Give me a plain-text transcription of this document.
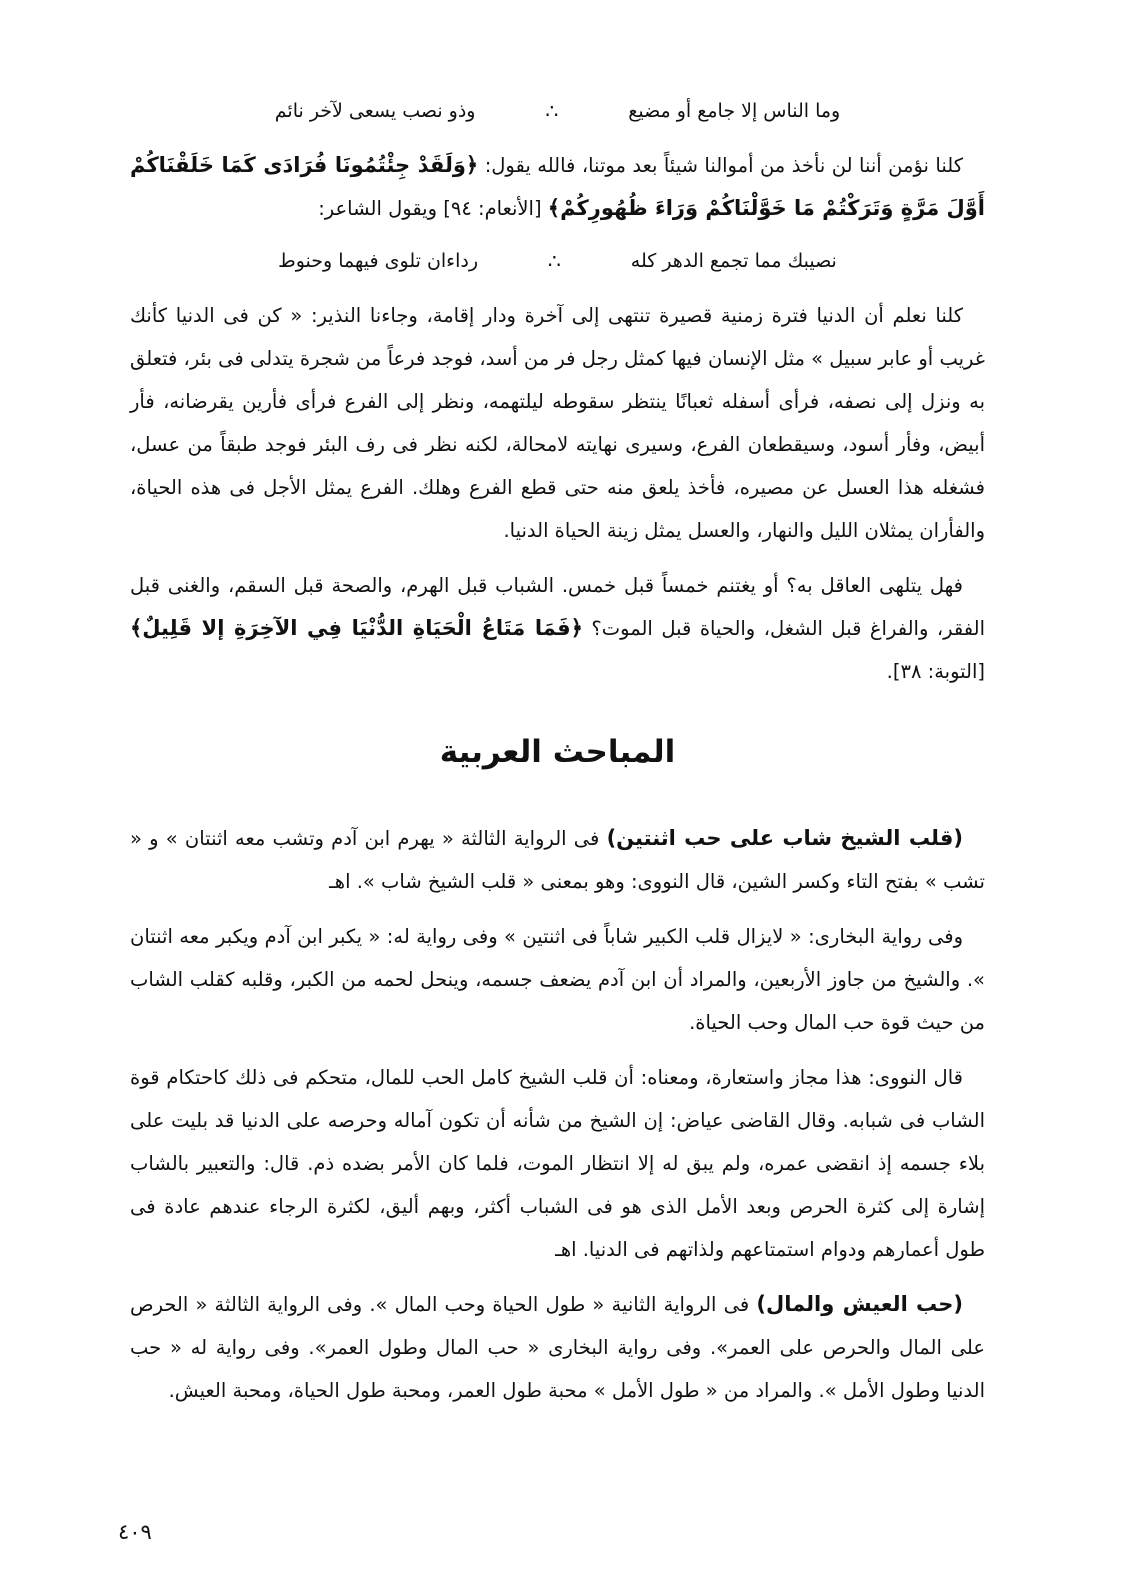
وما الناس إلا جامع أو مضيع
∴
وذو نصب يسعى لآخر نائم

كلنا نؤمن أننا لن نأخذ من أموالنا شيئاً بعد موتنا، فالله يقول: ﴿وَلَقَدْ جِئْتُمُونَا فُرَادَى كَمَا خَلَقْنَاكُمْ أَوَّلَ مَرَّةٍ وَتَرَكْتُمْ مَا خَوَّلْنَاكُمْ وَرَاءَ ظُهُورِكُمْ﴾ [الأنعام: ٩٤] ويقول الشاعر:

نصيبك مما تجمع الدهر كله
∴
رداءان تلوى فيهما وحنوط

كلنا نعلم أن الدنيا فترة زمنية قصيرة تنتهى إلى آخرة ودار إقامة، وجاءنا النذير: « كن فى الدنيا كأنك غريب أو عابر سبيل » مثل الإنسان فيها كمثل رجل فر من أسد، فوجد فرعاً من شجرة يتدلى فى بئر، فتعلق به ونزل إلى نصفه، فرأى أسفله ثعبانًا ينتظر سقوطه ليلتهمه، ونظر إلى الفرع فرأى فأرين يقرضانه، فأر أبيض، وفأر أسود، وسيقطعان الفرع، وسيرى نهايته لامحالة، لكنه نظر فى رف البئر فوجد طبقاً من عسل، فشغله هذا العسل عن مصيره، فأخذ يلعق منه حتى قطع الفرع وهلك. الفرع يمثل الأجل فى هذه الحياة، والفأران يمثلان الليل والنهار، والعسل يمثل زينة الحياة الدنيا.

فهل يتلهى العاقل به؟ أو يغتنم خمساً قبل خمس. الشباب قبل الهرم، والصحة قبل السقم، والغنى قبل الفقر، والفراغ قبل الشغل، والحياة قبل الموت؟ ﴿فَمَا مَتَاعُ الْحَيَاةِ الدُّنْيَا فِي الآخِرَةِ إلا قَلِيلٌ﴾ [التوبة: ٣٨].

المباحث العربية

(قلب الشيخ شاب على حب اثنتين) فى الرواية الثالثة « يهرم ابن آدم وتشب معه اثنتان » و « تشب » بفتح التاء وكسر الشين، قال النووى: وهو بمعنى « قلب الشيخ شاب ». اهـ

وفى رواية البخارى: « لايزال قلب الكبير شاباً فى اثنتين » وفى رواية له: « يكبر ابن آدم ويكبر معه اثنتان ». والشيخ من جاوز الأربعين، والمراد أن ابن آدم يضعف جسمه، وينحل لحمه من الكبر، وقلبه كقلب الشاب من حيث قوة حب المال وحب الحياة.

قال النووى: هذا مجاز واستعارة، ومعناه: أن قلب الشيخ كامل الحب للمال، متحكم فى ذلك كاحتكام قوة الشاب فى شبابه. وقال القاضى عياض: إن الشيخ من شأنه أن تكون آماله وحرصه على الدنيا قد بليت على بلاء جسمه إذ انقضى عمره، ولم يبق له إلا انتظار الموت، فلما كان الأمر بضده ذم. قال: والتعبير بالشاب إشارة إلى كثرة الحرص وبعد الأمل الذى هو فى الشباب أكثر، وبهم أليق، لكثرة الرجاء عندهم عادة فى طول أعمارهم ودوام استمتاعهم ولذاتهم فى الدنيا. اهـ

(حب العيش والمال) فى الرواية الثانية « طول الحياة وحب المال ». وفى الرواية الثالثة « الحرص على المال والحرص على العمر». وفى رواية البخارى « حب المال وطول العمر». وفى رواية له « حب الدنيا وطول الأمل ». والمراد من « طول الأمل » محبة طول العمر، ومحبة طول الحياة، ومحبة العيش.

٤٠٩
